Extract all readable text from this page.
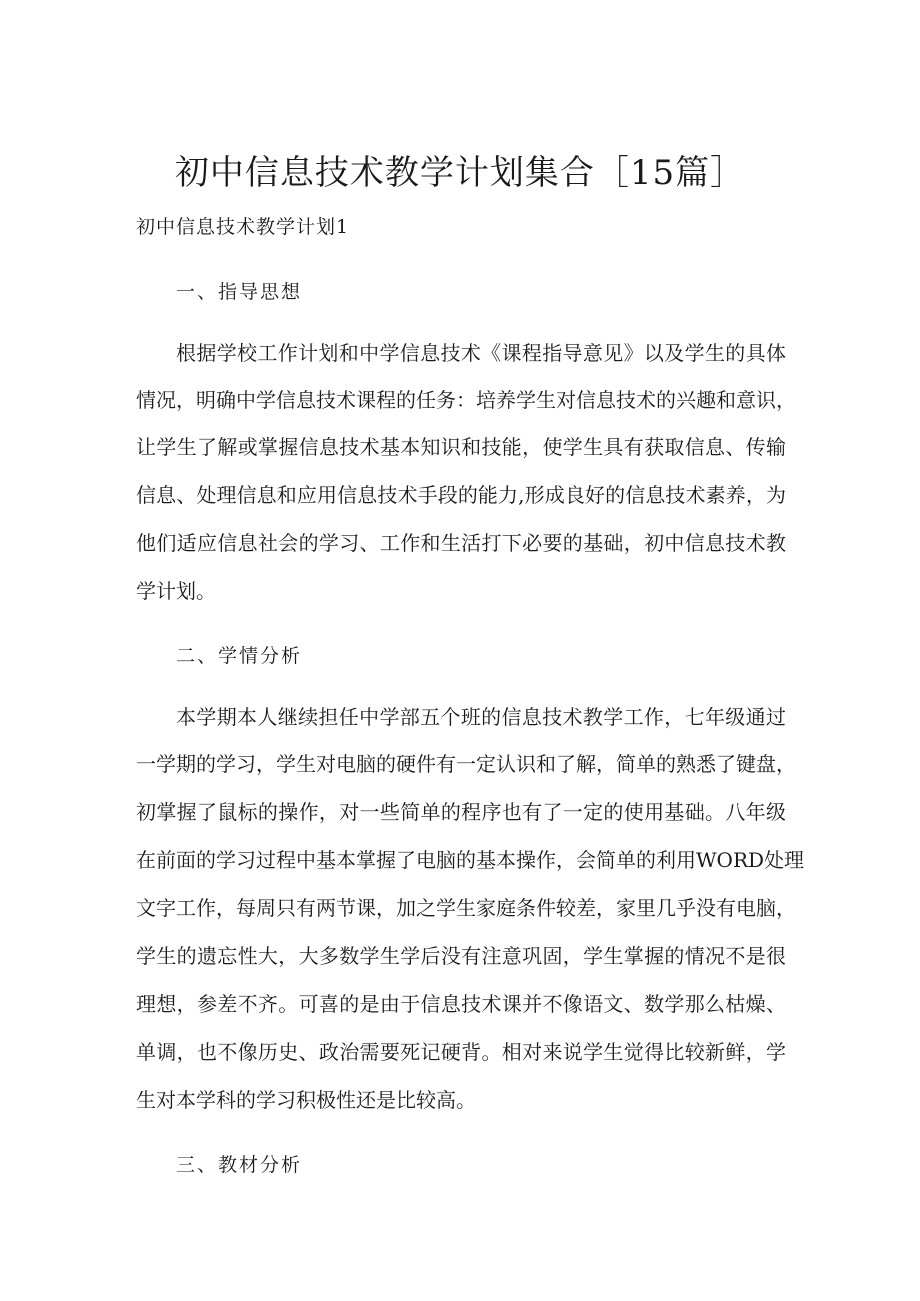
初中信息技术教学计划集合［15篇］

初中信息技术教学计划1

一、指导思想

根据学校工作计划和中学信息技术《课程指导意见》以及学生的具体

情况，明确中学信息技术课程的任务：培养学生对信息技术的兴趣和意识，

让学生了解或掌握信息技术基本知识和技能，使学生具有获取信息、传输

信息、处理信息和应用信息技术手段的能力,形成良好的信息技术素养，为

他们适应信息社会的学习、工作和生活打下必要的基础，初中信息技术教

学计划。

二、学情分析

本学期本人继续担任中学部五个班的信息技术教学工作，七年级通过

一学期的学习，学生对电脑的硬件有一定认识和了解，简单的熟悉了键盘，

初掌握了鼠标的操作，对一些简单的程序也有了一定的使用基础。八年级

在前面的学习过程中基本掌握了电脑的基本操作，会简单的利用WORD处理

文字工作，每周只有两节课，加之学生家庭条件较差，家里几乎没有电脑，

学生的遗忘性大，大多数学生学后没有注意巩固，学生掌握的情况不是很

理想，参差不齐。可喜的是由于信息技术课并不像语文、数学那么枯燥、

单调，也不像历史、政治需要死记硬背。相对来说学生觉得比较新鲜，学

生对本学科的学习积极性还是比较高。

三、教材分析
